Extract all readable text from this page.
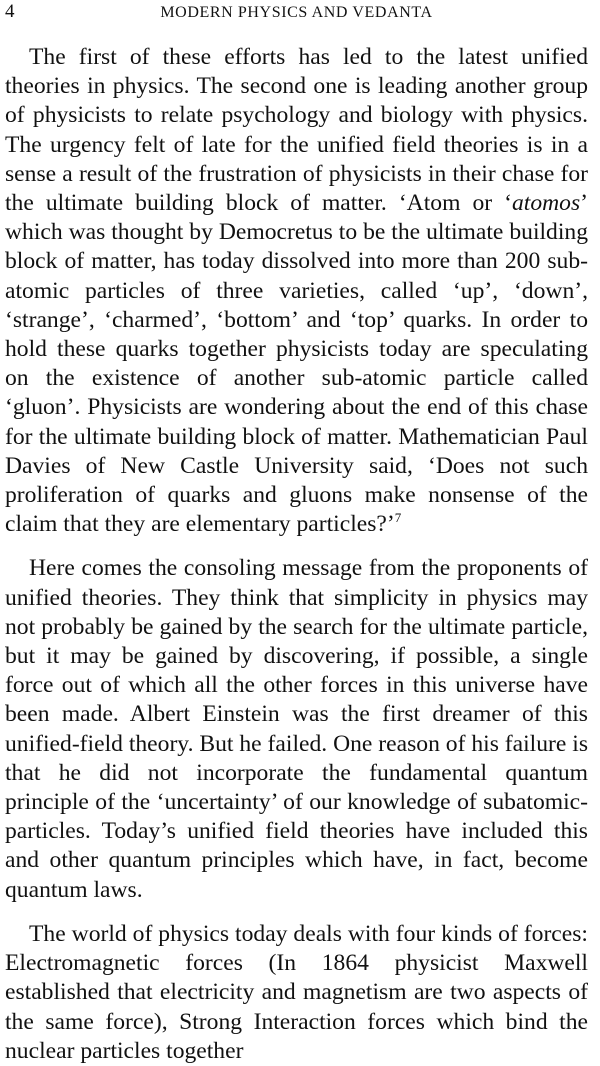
4	MODERN PHYSICS AND VEDANTA

The first of these efforts has led to the latest unified theories in physics. The second one is leading another group of physicists to relate psychology and biology with physics. The urgency felt of late for the unified field theories is in a sense a result of the frustration of physicists in their chase for the ultimate building block of matter. ‘Atom or ‘atomos’ which was thought by Democretus to be the ultimate building block of matter, has today dissolved into more than 200 sub-atomic particles of three varieties, called ‘up’, ‘down’, ‘strange’, ‘charmed’, ‘bottom’ and ‘top’ quarks. In order to hold these quarks together physicists today are speculating on the existence of another sub-atomic particle called ‘gluon’. Physicists are wondering about the end of this chase for the ultimate building block of matter. Mathematician Paul Davies of New Castle University said, ‘Does not such proliferation of quarks and gluons make nonsense of the claim that they are elementary particles?’$^7$

Here comes the consoling message from the proponents of unified theories. They think that simplicity in physics may not probably be gained by the search for the ultimate particle, but it may be gained by discovering, if possible, a single force out of which all the other forces in this universe have been made. Albert Einstein was the first dreamer of this unified-field theory. But he failed. One reason of his failure is that he did not incorporate the fundamental quantum principle of the ‘uncertainty’ of our knowledge of subatomic-particles. Today’s unified field theories have included this and other quantum principles which have, in fact, become quantum laws.

The world of physics today deals with four kinds of forces: Electromagnetic forces (In 1864 physicist Maxwell established that electricity and magnetism are two aspects of the same force), Strong Interaction forces which bind the nuclear particles together
